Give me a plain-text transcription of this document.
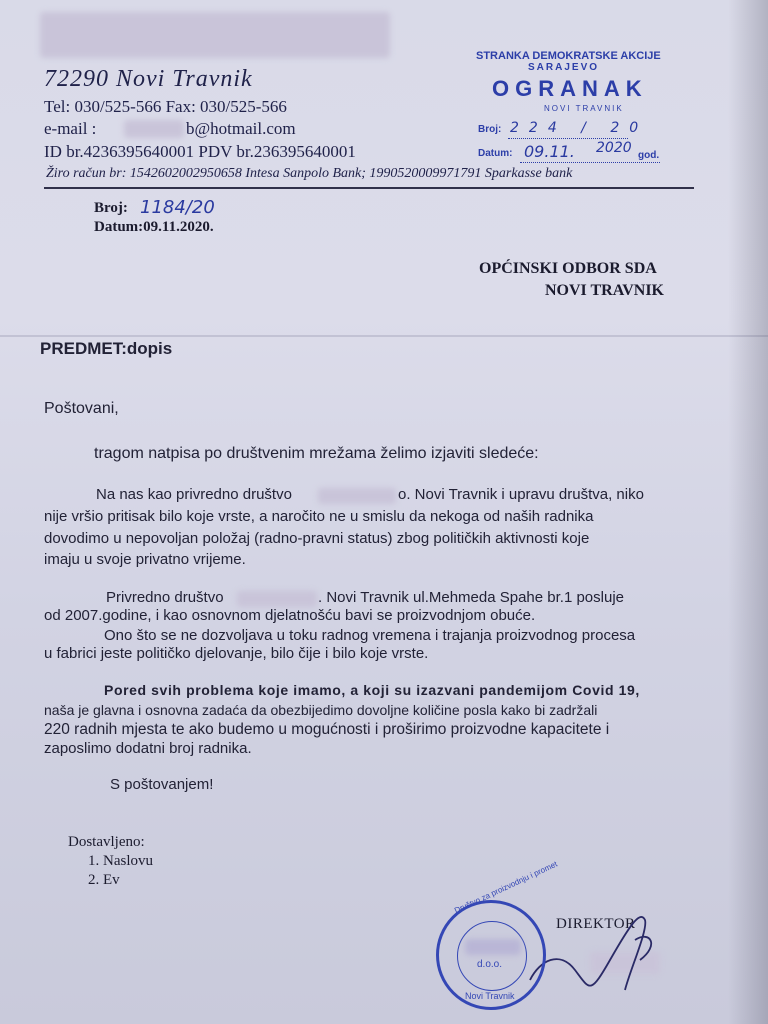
72290 Novi Travnik
Tel: 030/525-566 Fax: 030/525-566
e-mail :	b@hotmail.com
ID br.4236395640001 PDV br.236395640001
Žiro račun br: 1542602002950658 Intesa Sanpolo Bank; 1990520009971791 Sparkasse bank
STRANKA DEMOKRATSKE AKCIJE
SARAJEVO
OGRANAK
NOVI TRAVNIK
Broj: 224 / 20
Datum: 09.11. 2020 god.
Broj: 1184/20
Datum:09.11.2020.
OPĆINSKI ODBOR SDA
NOVI TRAVNIK
PREDMET:dopis
Poštovani,
tragom natpisa po društvenim mrežama želimo izjaviti sledeće:
Na nas kao privredno društvo	o. Novi Travnik i upravu društva, niko
nije vršio pritisak bilo koje vrste, a naročito ne u smislu da nekoga od naših radnika
dovodimo u nepovoljan položaj (radno-pravni status) zbog političkih aktivnosti koje
imaju u svoje privatno vrijeme.
Privredno društvo	. Novi Travnik ul.Mehmeda Spahe br.1 posluje
od 2007.godine, i kao osnovnom djelatnošću bavi se proizvodnjom obuće.
Ono što se ne dozvoljava u toku radnog vremena i trajanja proizvodnog procesa
u fabrici jeste političko djelovanje, bilo čije i bilo koje vrste.
Pored svih problema koje imamo, a koji su izazvani pandemijom Covid 19,
naša je glavna i osnovna zadaća da obezbijedimo dovoljne količine posla kako bi zadržali
220 radnih mjesta te ako budemo u mogućnosti i proširimo proizvodne kapacitete i
zaposlimo dodatni broj radnika.
S poštovanjem!
Dostavljeno:
1. Naslovu
2. Ev
DIREKTOR
d.o.o.
Društvo za proizvodnju i promet
Novi Travnik
